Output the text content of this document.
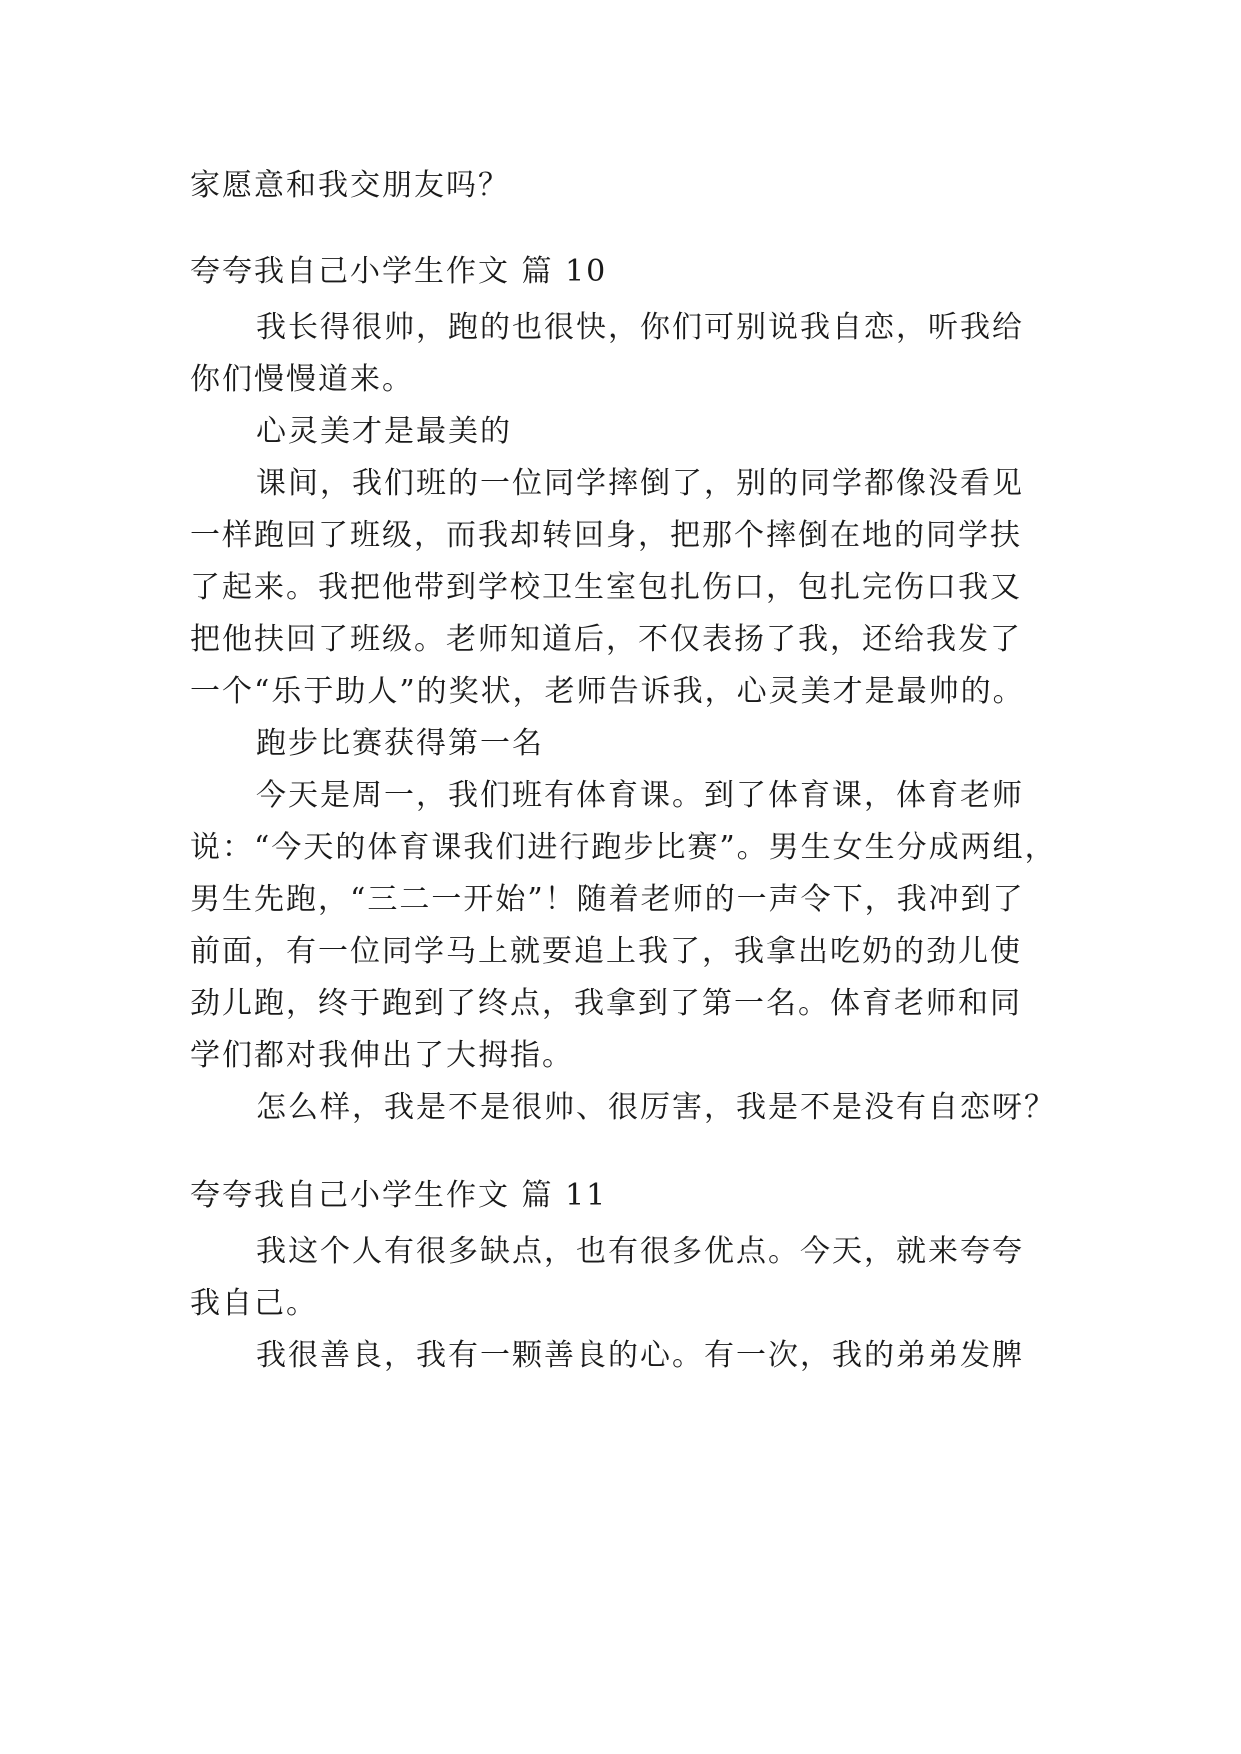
家愿意和我交朋友吗？
夸夸我自己小学生作文 篇 10
我长得很帅，跑的也很快，你们可别说我自恋，听我给
你们慢慢道来。
心灵美才是最美的
课间，我们班的一位同学摔倒了，别的同学都像没看见
一样跑回了班级，而我却转回身，把那个摔倒在地的同学扶
了起来。我把他带到学校卫生室包扎伤口，包扎完伤口我又
把他扶回了班级。老师知道后，不仅表扬了我，还给我发了
一个“乐于助人”的奖状，老师告诉我，心灵美才是最帅的。
跑步比赛获得第一名
今天是周一，我们班有体育课。到了体育课，体育老师
说：“今天的体育课我们进行跑步比赛”。男生女生分成两组，
男生先跑，“三二一开始”！随着老师的一声令下，我冲到了
前面，有一位同学马上就要追上我了，我拿出吃奶的劲儿使
劲儿跑，终于跑到了终点，我拿到了第一名。体育老师和同
学们都对我伸出了大拇指。
怎么样，我是不是很帅、很厉害，我是不是没有自恋呀？
夸夸我自己小学生作文 篇 11
我这个人有很多缺点，也有很多优点。今天，就来夸夸
我自己。
我很善良，我有一颗善良的心。有一次，我的弟弟发脾
